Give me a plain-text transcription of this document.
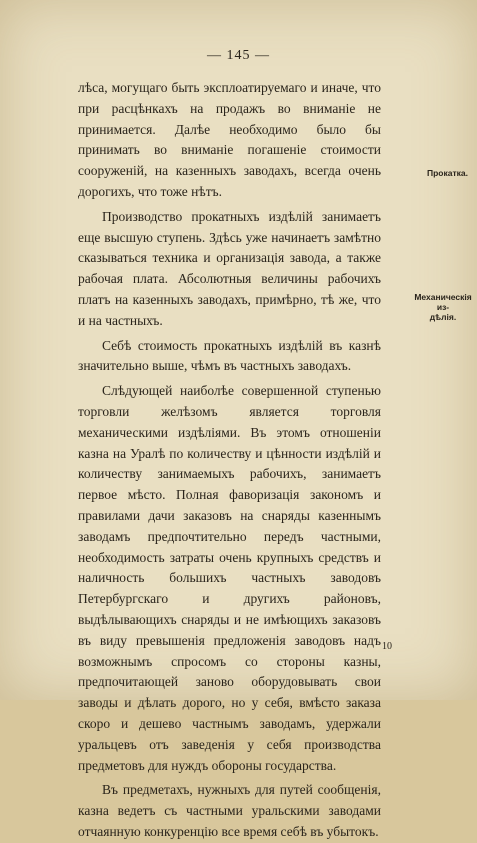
— 145 —

лѣса, могущаго быть эксплоатируемаго и иначе, что при расцѣнкахъ на продажъ во вниманіе не принимается. Далѣе необходимо было бы принимать во вниманіе погашеніе стоимости сооруженій, на казенныхъ заводахъ, всегда очень дорогихъ, что тоже нѣтъ.

Производство прокатныхъ издѣлій занимаетъ еще высшую ступень. Здѣсь уже начинаетъ замѣтно сказываться техника и организація завода, а также рабочая плата. Абсолютныя величины рабочихъ платъ на казенныхъ заводахъ, примѣрно, тѣ же, что и на частныхъ.

Себѣ стоимость прокатныхъ издѣлій въ казнѣ значительно выше, чѣмъ въ частныхъ заводахъ.

Слѣдующей наиболѣе совершенной ступенью торговли желѣзомъ является торговля механическими издѣліями. Въ этомъ отношеніи казна на Уралѣ по количеству и цѣнности издѣлій и количеству занимаемыхъ рабочихъ, занимаетъ первое мѣсто. Полная фаворизація закономъ и правилами дачи заказовъ на снаряды казеннымъ заводамъ предпочтительно передъ частными, необходимость затраты очень крупныхъ средствъ и наличность большихъ частныхъ заводовъ Петербургскаго и другихъ районовъ, выдѣлывающихъ снаряды и не имѣющихъ заказовъ въ виду превышенія предложенія заводовъ надъ возможнымъ спросомъ со стороны казны, предпочитающей заново оборудовывать свои заводы и дѣлать дорого, но у себя, вмѣсто заказа скоро и дешево частнымъ заводамъ, удержали уральцевъ отъ заведенія у себя производства предметовъ для нуждъ обороны государства.

Въ предметахъ, нужныхъ для путей сообщенія, казна ведетъ съ частными уральскими заводами отчаянную конкуренцію все время себѣ въ убытокъ.

Прокатка.
Механическія из-
дѣлія.
10
